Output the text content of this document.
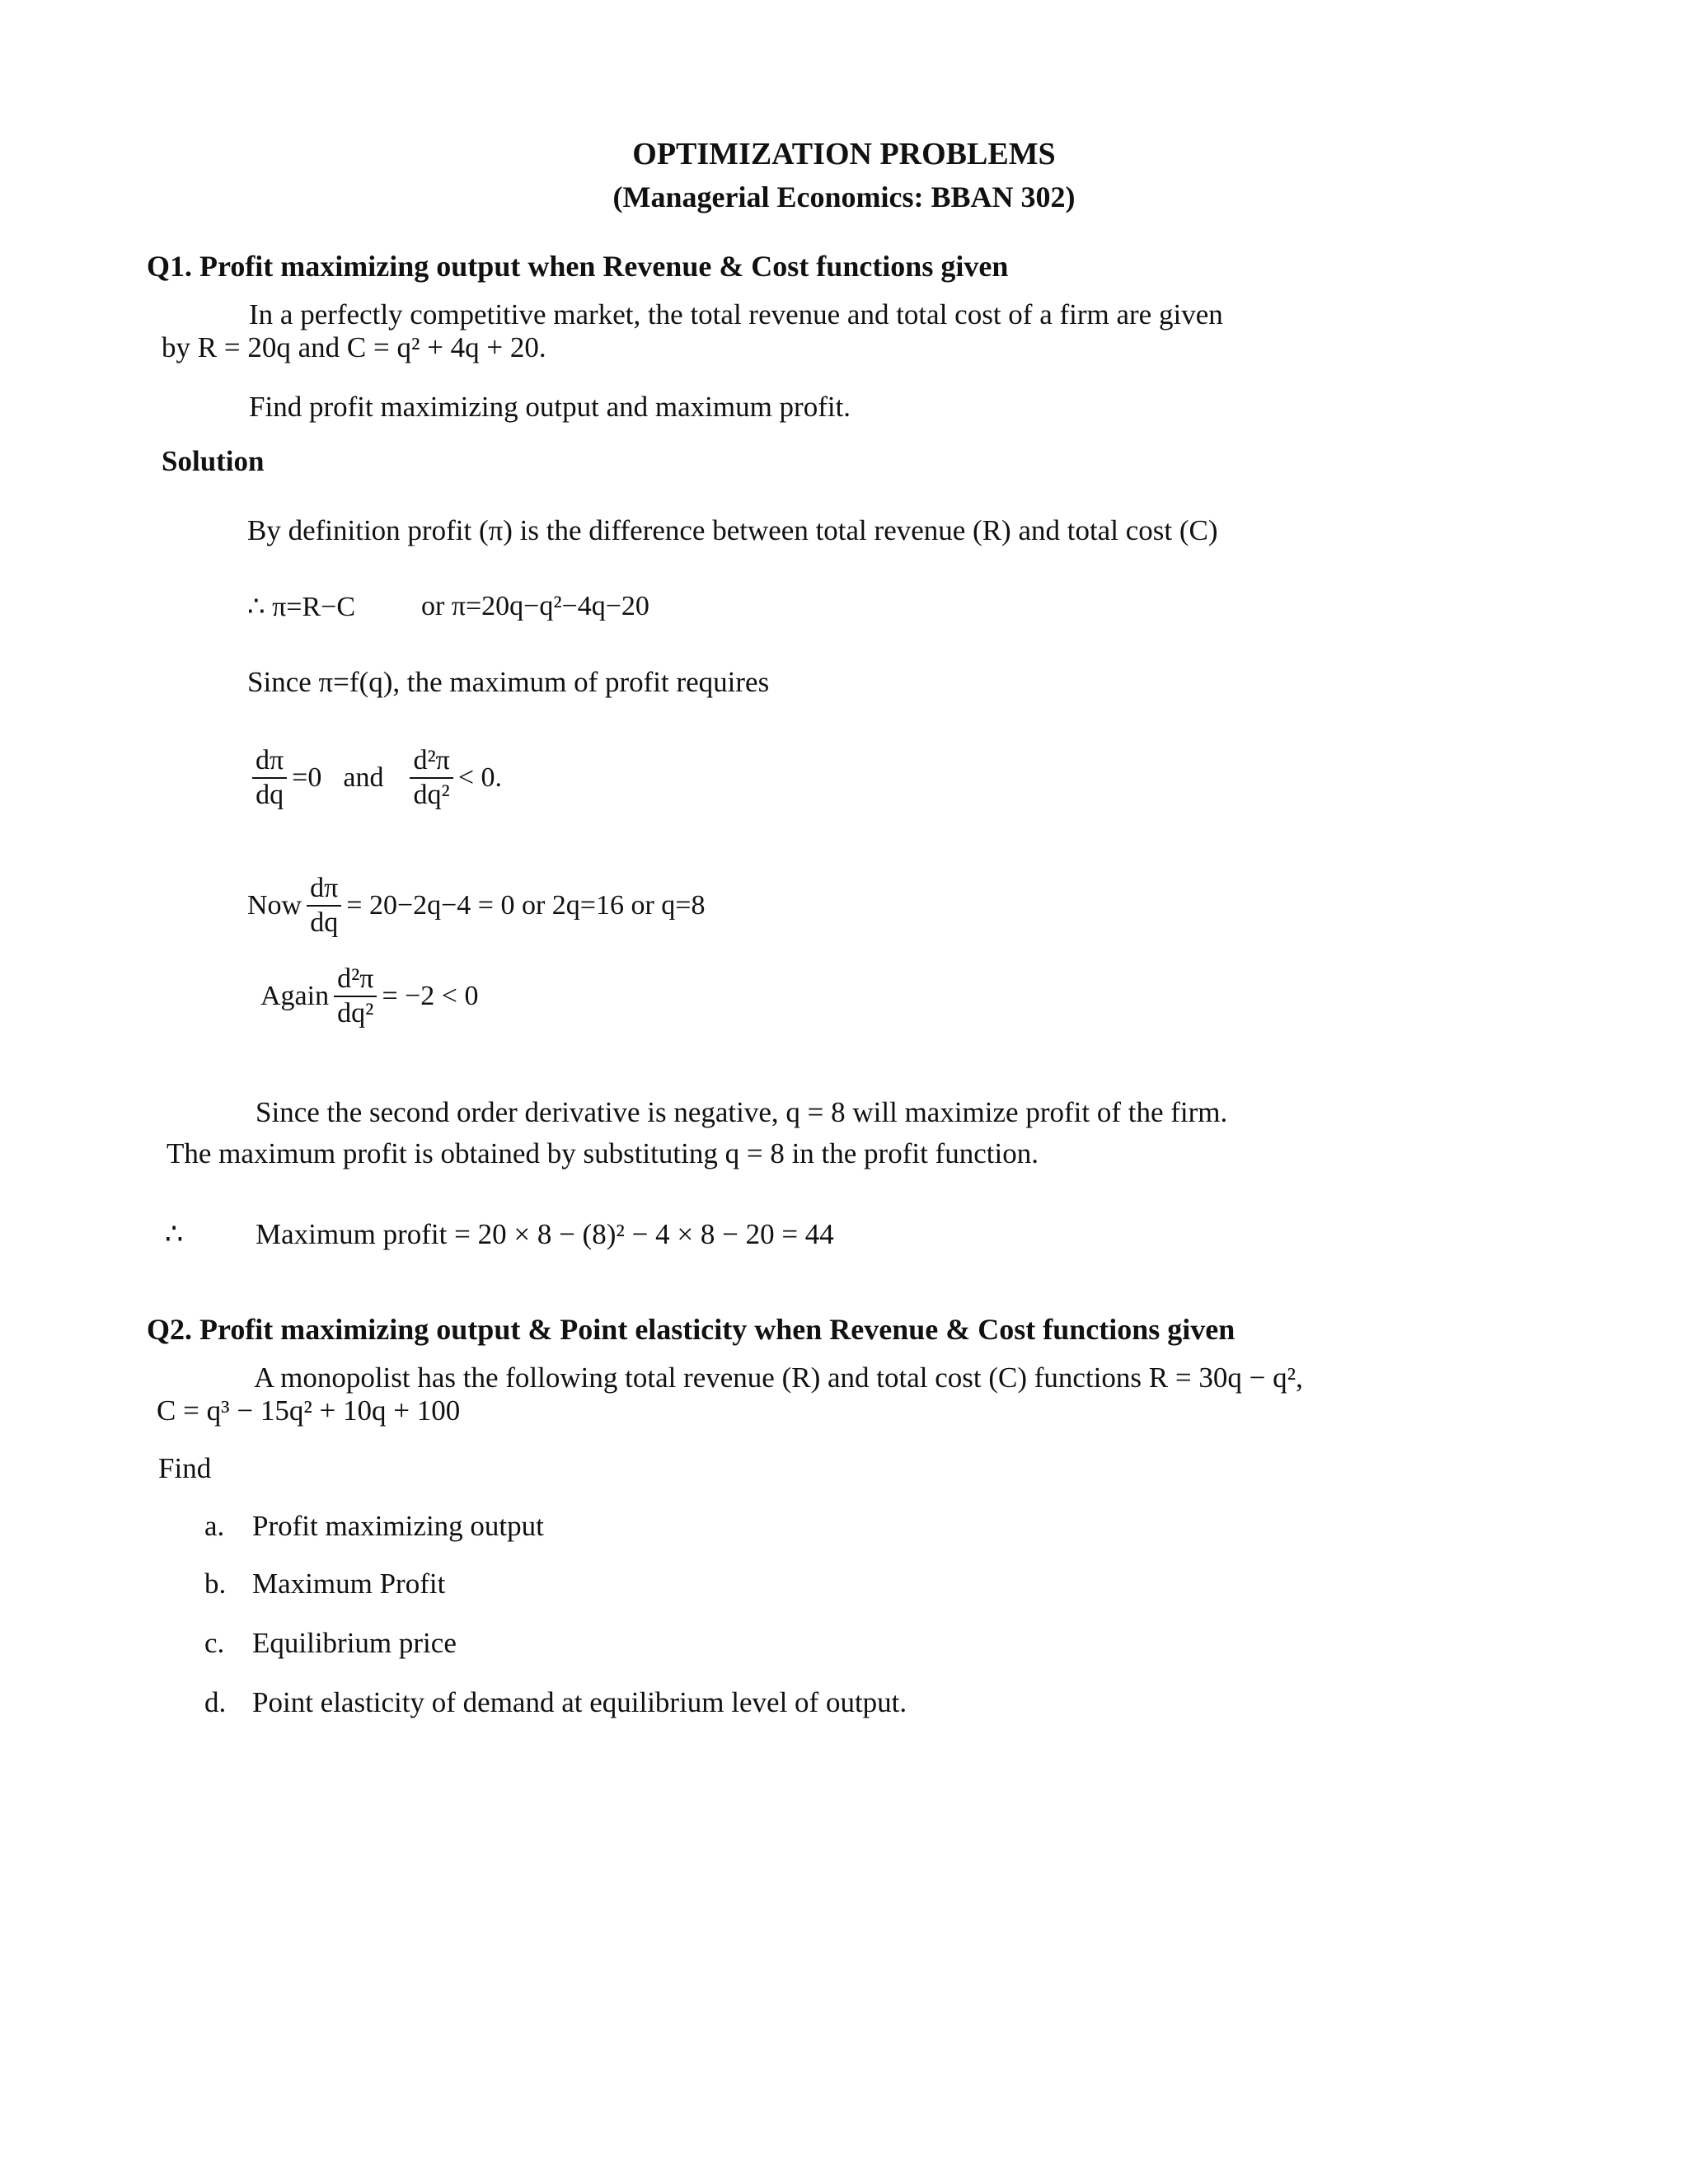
OPTIMIZATION PROBLEMS
(Managerial Economics: BBAN 302)
Q1. Profit maximizing output when Revenue & Cost functions given
In a perfectly competitive market, the total revenue and total cost of a firm are given
by R = 20q and C = q² + 4q + 20.
Find profit maximizing output and maximum profit.
Solution
By definition profit (π) is the difference between total revenue (R) and total cost (C)
∴ π=R−C or π=20q−q²−4q−20
Since π=f(q), the maximum of profit requires
$\frac{d\pi}{dq} =0$ and $\frac{\text{d²π}}{\text{dq²}} < 0$.
Now $\frac{d\pi}{dq} = 20-2q-4 = 0$ or 2q=16 or q=8
Again $\frac{\text{d²π}}{\text{dq²}} = -2 < 0$
Since the second order derivative is negative, q = 8 will maximize profit of the firm.
The maximum profit is obtained by substituting q = 8 in the profit function.
∴	Maximum profit = 20 × 8 − (8)² − 4 × 8 − 20 = 44
Q2. Profit maximizing output & Point elasticity when Revenue & Cost functions given
A monopolist has the following total revenue (R) and total cost (C) functions R = 30q − q²,
C = q³ − 15q² + 10q + 100
Find
a. Profit maximizing output
b. Maximum Profit
c. Equilibrium price
d. Point elasticity of demand at equilibrium level of output.
